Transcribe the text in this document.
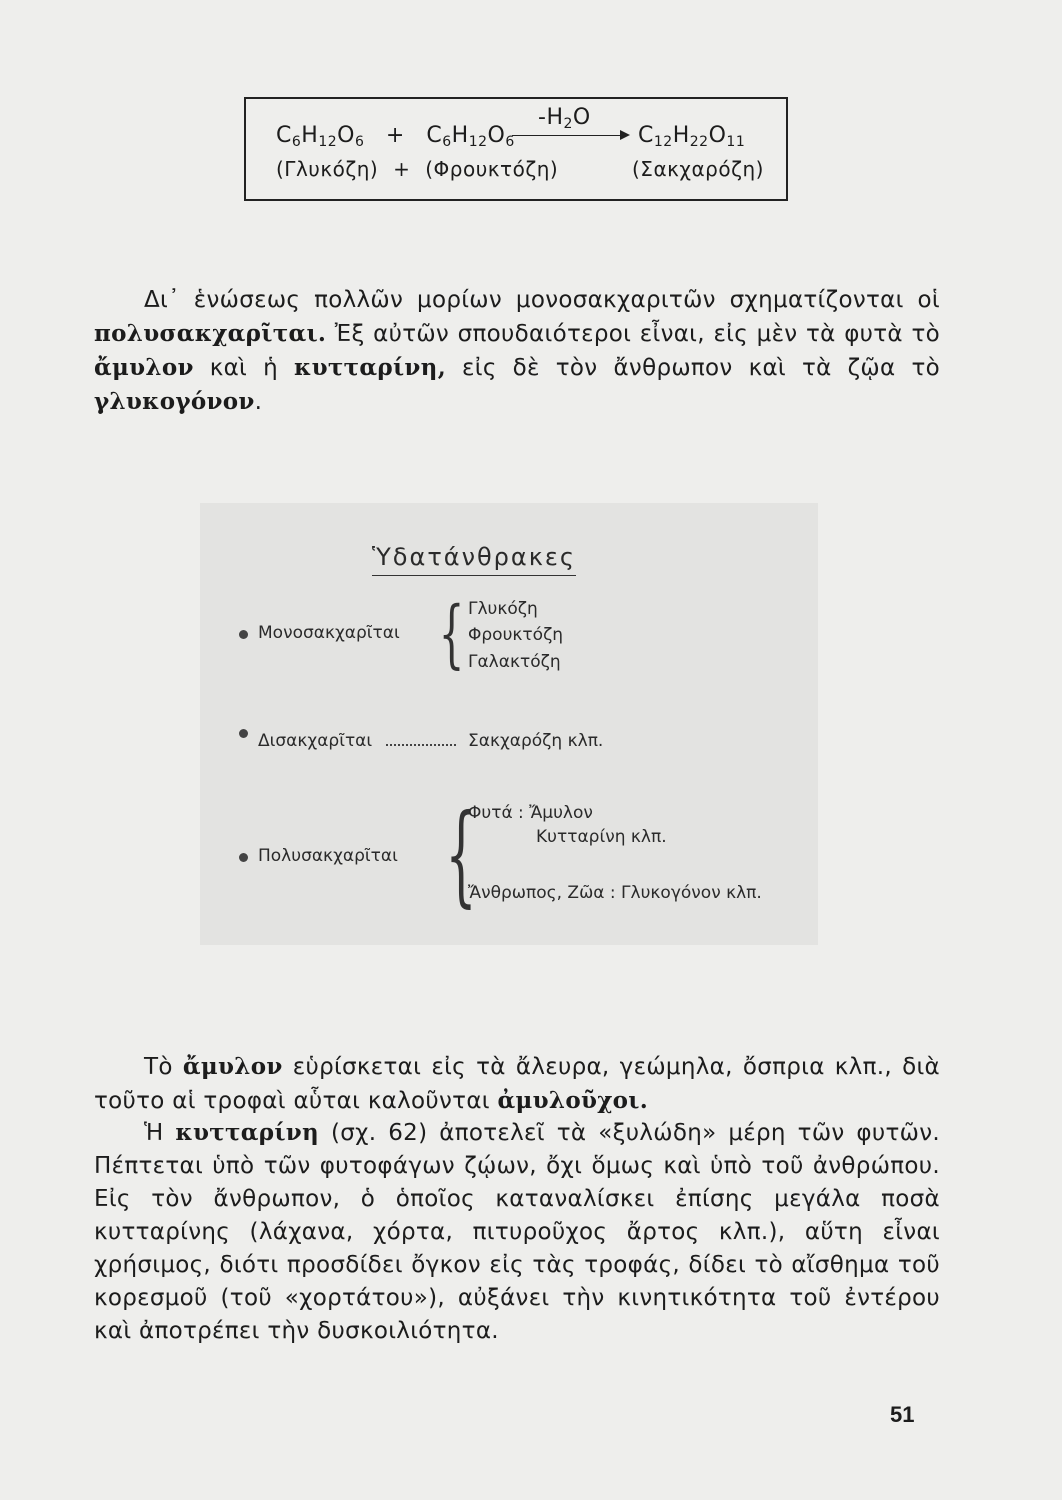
$C_6H_{12}O_6 + C_6H_{12}O_6$
$-H_2O$
$C_{12}H_{22}O_{11}$
(Γλυκόζη) + (Φρουκτόζη)	(Σακχαρόζη)
Δι᾽ ἑνώσεως πολλῶν μορίων μονοσακχαριτῶν σχηματίζονται οἱ πολυσακχαρῖται. Ἐξ αὐτῶν σπουδαιότεροι εἶναι, εἰς μὲν τὰ φυτὰ τὸ ἄμυλον καὶ ἡ κυτταρίνη, εἰς δὲ τὸν ἄνθρωπον καὶ τὰ ζῷα τὸ γλυκογόνον.
Ὑδατάνθρακες
Μονοσακχαρῖται { Γλυκόζη
Φρουκτόζη
Γαλακτόζη
Δισακχαρῖται	Σακχαρόζη κλπ.
Πολυσακχαρῖται {
Φυτά : Ἄμυλον
Κυτταρίνη κλπ.
Ἄνθρωπος, Ζῶα : Γλυκογόνον κλπ.
Τὸ ἄμυλον εὑρίσκεται εἰς τὰ ἄλευρα, γεώμηλα, ὄσπρια κλπ., διὰ τοῦτο αἱ τροφαὶ αὗται καλοῦνται ἀμυλοῦχοι.
Ἡ κυτταρίνη (σχ. 62) ἀποτελεῖ τὰ «ξυλώδη» μέρη τῶν φυτῶν. Πέπτεται ὑπὸ τῶν φυτοφάγων ζῴων, ὄχι ὅμως καὶ ὑπὸ τοῦ ἀνθρώπου. Εἰς τὸν ἄνθρωπον, ὁ ὁποῖος καταναλίσκει ἐπίσης μεγάλα ποσὰ κυτταρίνης (λάχανα, χόρτα, πιτυροῦχος ἄρτος κλπ.), αὕτη εἶναι χρήσιμος, διότι προσδίδει ὄγκον εἰς τὰς τροφάς, δίδει τὸ αἴσθημα τοῦ κορεσμοῦ (τοῦ «χορτάτου»), αὐξάνει τὴν κινητικότητα τοῦ ἐντέρου καὶ ἀποτρέπει τὴν δυσκοιλιότητα.
51
